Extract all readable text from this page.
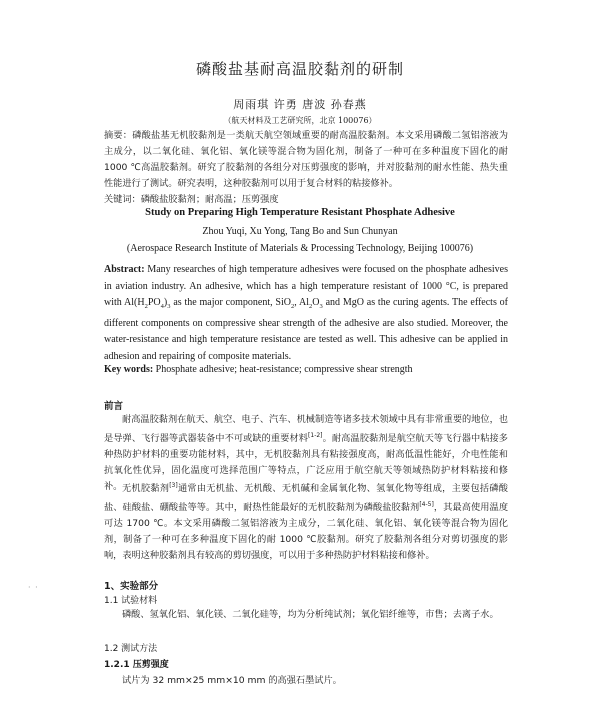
磷酸盐基耐高温胶黏剂的研制
周雨琪 许勇 唐波 孙春燕
（航天材料及工艺研究所，北京 100076）
摘要：磷酸盐基无机胶黏剂是一类航天航空领域重要的耐高温胶黏剂。本文采用磷酸二氢铝溶液为主成分，以二氧化硅、氧化铝、氧化镁等混合物为固化剂，制备了一种可在多种温度下固化的耐 1000 ℃高温胶黏剂。研究了胶黏剂的各组分对压剪强度的影响，并对胶黏剂的耐水性能、热失重性能进行了测试。研究表明，这种胶黏剂可以用于复合材料的粘接修补。
关键词：磷酸盐胶黏剂；耐高温；压剪强度
Study on Preparing High Temperature Resistant Phosphate Adhesive
Zhou Yuqi, Xu Yong, Tang Bo and Sun Chunyan
(Aerospace Research Institute of Materials & Processing Technology, Beijing 100076)
Abstract: Many researches of high temperature adhesives were focused on the phosphate adhesives in aviation industry. An adhesive, which has a high temperature resistant of 1000 °C, is prepared with $Al(H_2PO_4)_3$ as the major component, SiO$_2$, $Al_2O_3$ and MgO as the curing agents. The effects of different components on compressive shear strength of the adhesive are also studied. Moreover, the water-resistance and high temperature resistance are tested as well. This adhesive can be applied in adhesion and repairing of composite materials.
Key words: Phosphate adhesive; heat-resistance; compressive shear strength
前言
耐高温胶黏剂在航天、航空、电子、汽车、机械制造等诸多技术领域中具有非常重要的地位，也是导弹、飞行器等武器装备中不可或缺的重要材料[1-2]。耐高温胶黏剂是航空航天等飞行器中粘接多种热防护材料的重要功能材料，其中，无机胶黏剂具有粘接强度高，耐高低温性能好，介电性能和抗氧化性优异，固化温度可选择范围广等特点，广泛应用于航空航天等领域热防护材料粘接和修补。 无机胶黏剂[3]通常由无机盐、无机酸、无机碱和金属氧化物、氢氧化物等组成，主要包括磷酸盐、硅酸盐、硼酸盐等等。其中，耐热性能最好的无机胶黏剂为磷酸盐胶黏剂[4-5]，其最高使用温度可达 1700 ℃。本文采用磷酸二氢铝溶液为主成分，二氧化硅、氧化铝、氧化镁等混合物为固化剂，制备了一种可在多种温度下固化的耐 1000 ℃胶黏剂。研究了胶黏剂各组分对剪切强度的影响，表明这种胶黏剂具有较高的剪切强度，可以用于多种热防护材料粘接和修补。
1、实验部分
· ·
1.1 试验材料
磷酸、氢氧化铝、氧化镁、二氧化硅等，均为分析纯试剂；氧化铝纤维等，市售；去离子水。
1.2 测试方法
1.2.1 压剪强度
试片为 32 mm×25 mm×10 mm 的高强石墨试片。
